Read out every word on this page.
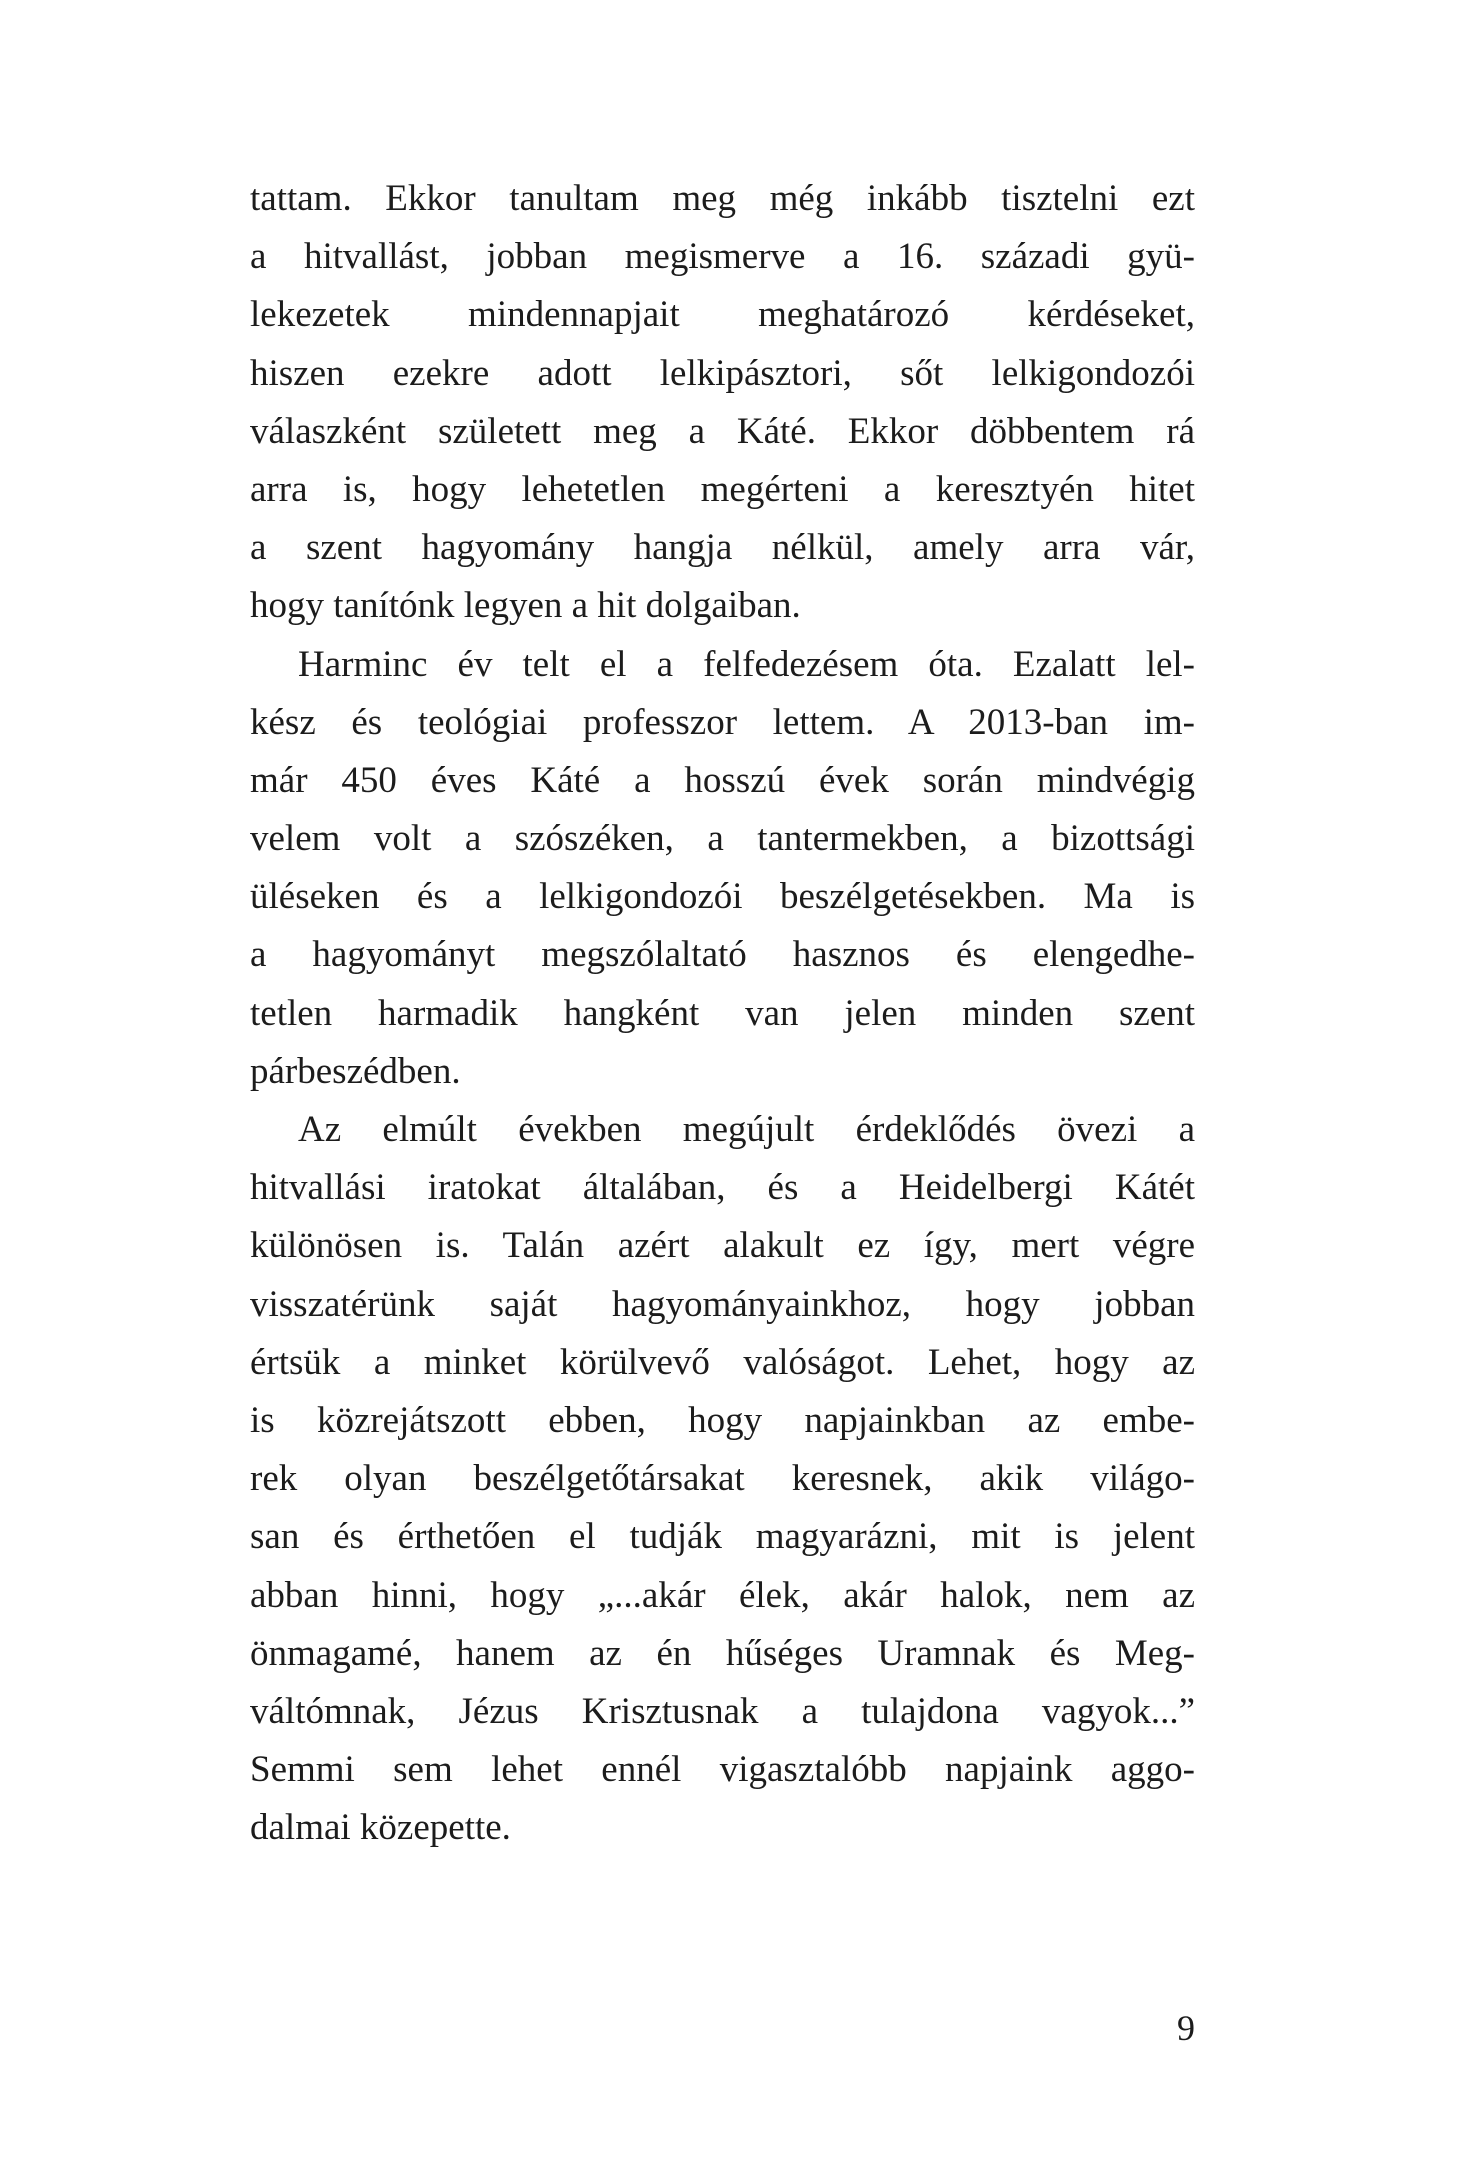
tattam. Ekkor tanultam meg még inkább tisztelni ezt
a hitvallást, jobban megismerve a 16. századi gyü-
lekezetek mindennapjait meghatározó kérdéseket,
hiszen ezekre adott lelkipásztori, sőt lelkigondozói
válaszként született meg a Káté. Ekkor döbbentem rá
arra is, hogy lehetetlen megérteni a keresztyén hitet
a szent hagyomány hangja nélkül, amely arra vár,
hogy tanítónk legyen a hit dolgaiban.
Harminc év telt el a felfedezésem óta. Ezalatt lel-
kész és teológiai professzor lettem. A 2013-ban im-
már 450 éves Káté a hosszú évek során mindvégig
velem volt a szószéken, a tantermekben, a bizottsági
üléseken és a lelkigondozói beszélgetésekben. Ma is
a hagyományt megszólaltató hasznos és elengedhe-
tetlen harmadik hangként van jelen minden szent
párbeszédben.
Az elmúlt években megújult érdeklődés övezi a
hitvallási iratokat általában, és a Heidelbergi Kátét
különösen is. Talán azért alakult ez így, mert végre
visszatérünk saját hagyományainkhoz, hogy jobban
értsük a minket körülvevő valóságot. Lehet, hogy az
is közrejátszott ebben, hogy napjainkban az embe-
rek olyan beszélgetőtársakat keresnek, akik világo-
san és érthetően el tudják magyarázni, mit is jelent
abban hinni, hogy „...akár élek, akár halok, nem az
önmagamé, hanem az én hűséges Uramnak és Meg-
váltómnak, Jézus Krisztusnak a tulajdona vagyok...”
Semmi sem lehet ennél vigasztalóbb napjaink aggo-
dalmai közepette.
9
